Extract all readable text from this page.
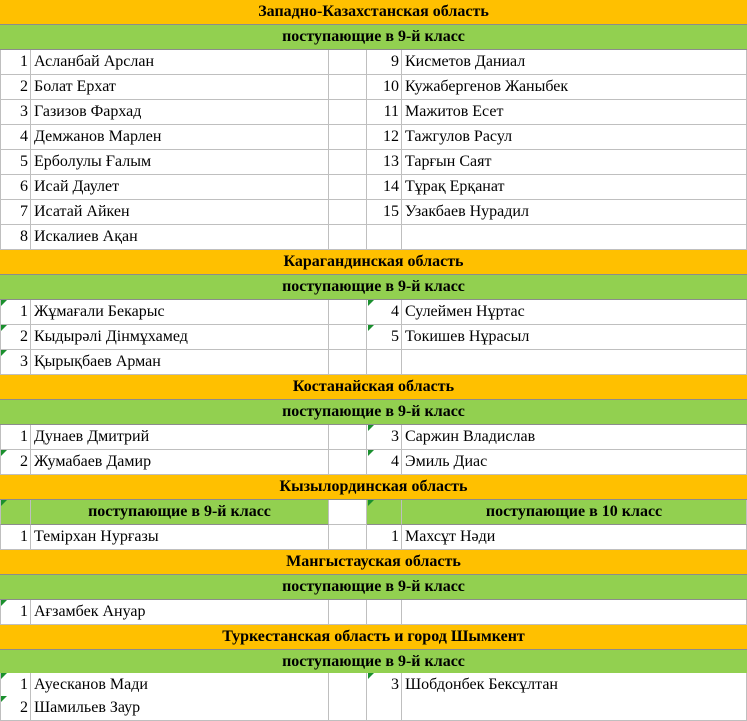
Западно-Казахстанская область
поступающие в 9-й класс
1 Асланбай Арслан	9 Кисметов Даниал
2 Болат Ерхат	10 Кужабергенов Жаныбек
3 Газизов Фархад	11 Мажитов Есет
4 Демжанов Марлен	12 Тажгулов Расул
5 Ерболулы Ғалым	13 Тарғын Саят
6 Исай Даулет	14 Тұрақ Ерқанат
7 Исатай Айкен	15 Узакбаев Нурадил
8 Искалиев Ақан
Карагандинская область
поступающие в 9-й класс
1 Жұмағали Бекарыс	4 Сулеймен Нұртас
2 Кыдырәлі Дінмұхамед	5 Токишев Нұрасыл
3 Қырықбаев Арман
Костанайская область
поступающие в 9-й класс
1 Дунаев Дмитрий	3 Саржин Владислав
2 Жумабаев Дамир	4 Эмиль Диас
Кызылординская область
поступающие в 9-й класс	поступающие в 10 класс
1 Темірхан Нурғазы	1 Махсұт Нәди
Мангыстауская область
поступающие в 9-й класс
1 Ағзамбек Ануар
Туркестанская область и город Шымкент
поступающие в 9-й класс
1 Ауесканов Мади	3 Шобдонбек Бексұлтан
2 Шамильев Заур
